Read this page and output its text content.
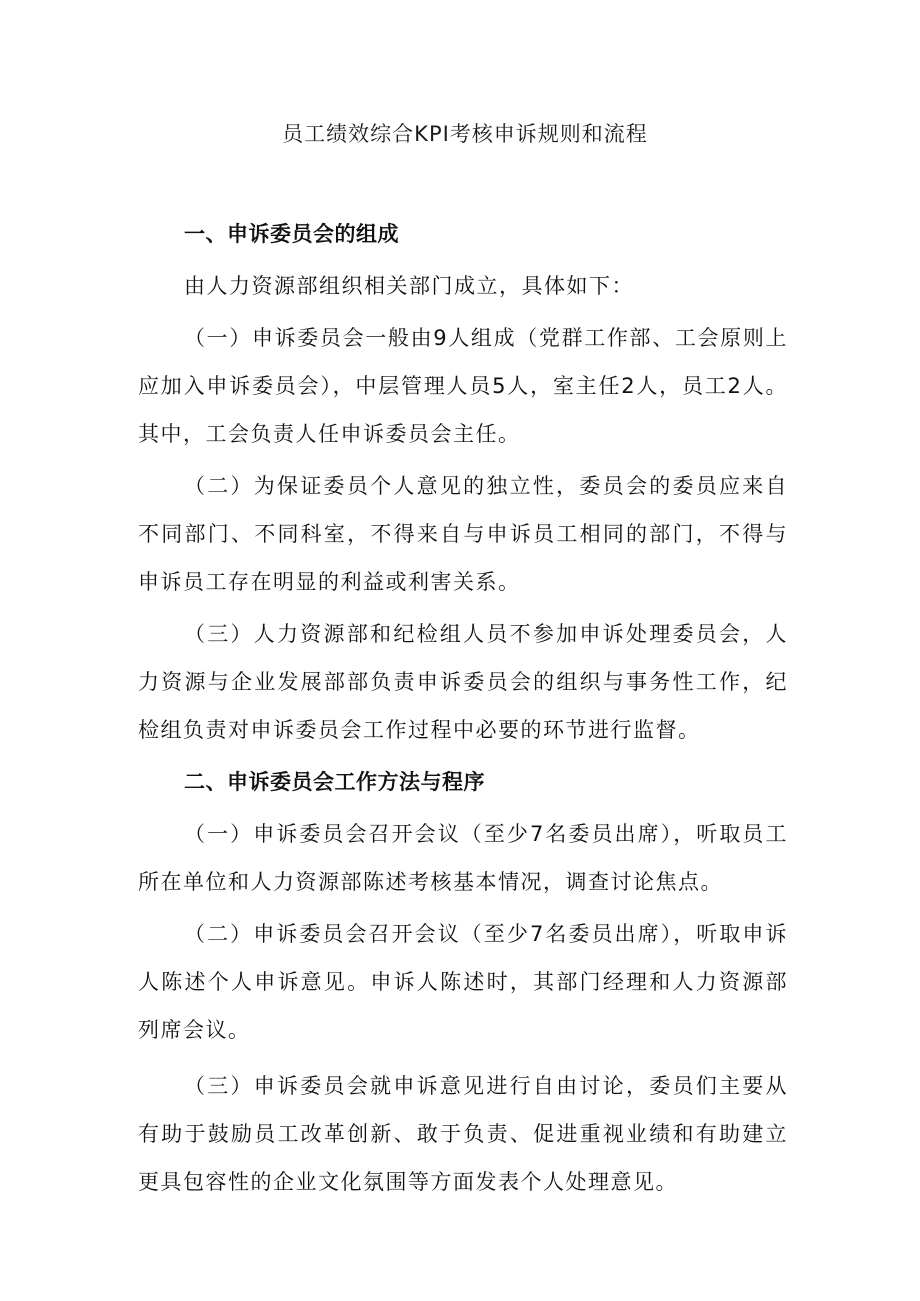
员工绩效综合KPI考核申诉规则和流程
一、申诉委员会的组成

由人力资源部组织相关部门成立，具体如下：

（一）申诉委员会一般由9人组成（党群工作部、工会原则上应加入申诉委员会），中层管理人员5人，室主任2人，员工2人。其中，工会负责人任申诉委员会主任。

（二）为保证委员个人意见的独立性，委员会的委员应来自不同部门、不同科室，不得来自与申诉员工相同的部门，不得与申诉员工存在明显的利益或利害关系。

（三）人力资源部和纪检组人员不参加申诉处理委员会，人力资源与企业发展部部负责申诉委员会的组织与事务性工作，纪检组负责对申诉委员会工作过程中必要的环节进行监督。

二、申诉委员会工作方法与程序

（一）申诉委员会召开会议（至少7名委员出席），听取员工所在单位和人力资源部陈述考核基本情况，调查讨论焦点。

（二）申诉委员会召开会议（至少7名委员出席），听取申诉人陈述个人申诉意见。申诉人陈述时，其部门经理和人力资源部列席会议。

（三）申诉委员会就申诉意见进行自由讨论，委员们主要从有助于鼓励员工改革创新、敢于负责、促进重视业绩和有助建立更具包容性的企业文化氛围等方面发表个人处理意见。
